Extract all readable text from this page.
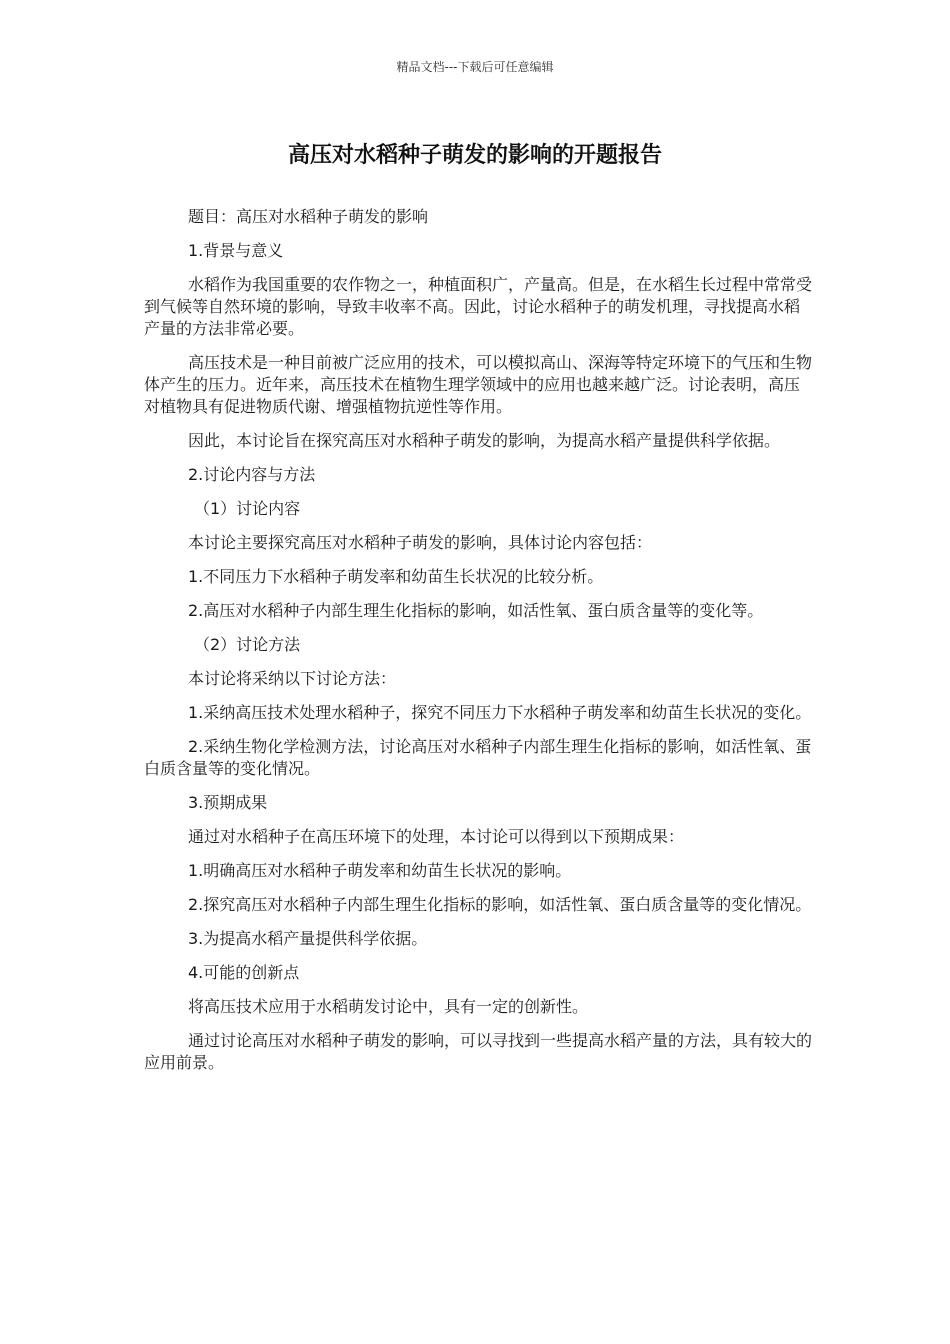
精品文档---下载后可任意编辑
高压对水稻种子萌发的影响的开题报告

题目：高压对水稻种子萌发的影响

1.背景与意义

水稻作为我国重要的农作物之一，种植面积广，产量高。但是，在水稻生长过程中常常受到气候等自然环境的影响，导致丰收率不高。因此，讨论水稻种子的萌发机理，寻找提高水稻产量的方法非常必要。

高压技术是一种目前被广泛应用的技术，可以模拟高山、深海等特定环境下的气压和生物体产生的压力。近年来，高压技术在植物生理学领域中的应用也越来越广泛。讨论表明，高压对植物具有促进物质代谢、增强植物抗逆性等作用。

因此，本讨论旨在探究高压对水稻种子萌发的影响，为提高水稻产量提供科学依据。

2.讨论内容与方法

（1）讨论内容

本讨论主要探究高压对水稻种子萌发的影响，具体讨论内容包括：

1.不同压力下水稻种子萌发率和幼苗生长状况的比较分析。

2.高压对水稻种子内部生理生化指标的影响，如活性氧、蛋白质含量等的变化等。

（2）讨论方法

本讨论将采纳以下讨论方法：

1.采纳高压技术处理水稻种子，探究不同压力下水稻种子萌发率和幼苗生长状况的变化。

2.采纳生物化学检测方法，讨论高压对水稻种子内部生理生化指标的影响，如活性氧、蛋白质含量等的变化情况。

3.预期成果

通过对水稻种子在高压环境下的处理，本讨论可以得到以下预期成果：

1.明确高压对水稻种子萌发率和幼苗生长状况的影响。

2.探究高压对水稻种子内部生理生化指标的影响，如活性氧、蛋白质含量等的变化情况。

3.为提高水稻产量提供科学依据。

4.可能的创新点

将高压技术应用于水稻萌发讨论中，具有一定的创新性。

通过讨论高压对水稻种子萌发的影响，可以寻找到一些提高水稻产量的方法，具有较大的应用前景。
